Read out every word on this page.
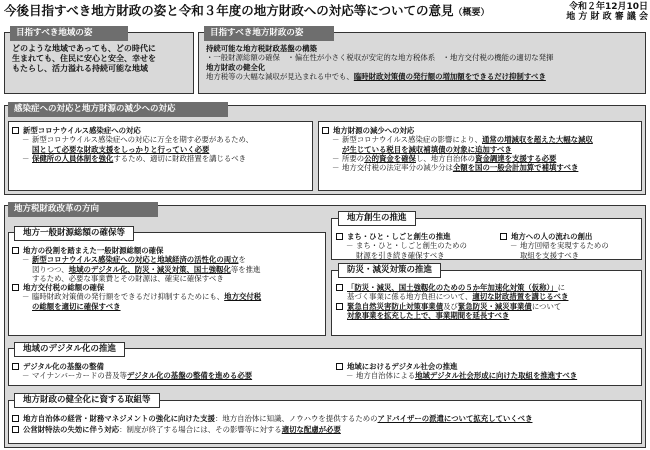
今後目指すべき地方財政の姿と令和３年度の地方財政への対応等についての意見（概要）
令和２年12月10日
地 方 財 政 審 議 会
目指すべき地域の姿
どのような地域であっても、どの時代に
生まれても、住民に安心と安全、幸せを
もたらし、活力溢れる持続可能な地域
目指すべき地方財政の姿
持続可能な地方税財政基盤の構築
・一般財源総額の確保　・偏在性が小さく税収が安定的な地方税体系　・地方交付税の機能の適切な発揮
地方財政の健全化
地方税等の大幅な減収が見込まれる中でも、臨時財政対策債の発行額の増加額をできるだけ抑制すべき
感染症への対応と地方財源の減少への対応
新型コロナウイルス感染症への対応
－ 新型コロナウイルス感染症への対応に万全を期す必要があるため、
国として必要な財政支援をしっかりと行っていく必要
－ 保健所の人員体制を強化するため、適切に財政措置を講じるべき
地方財源の減少への対応
－ 新型コロナウイルス感染症の影響により、通常の増減収を超えた大幅な減収
が生じている税目を減収補填債の対象に追加すべき
－ 所要の公的資金を確保し、地方自治体の資金調達を支援する必要
－ 地方交付税の法定率分の減少分は全額を国の一般会計加算で補填すべき
地方税財政改革の方向
地方一般財源総額の確保等
地方の役割を踏まえた一般財源総額の確保
－ 新型コロナウイルス感染症への対応と地域経済の活性化の両立を
図りつつ、地域のデジタル化、防災・減災対策、国土強靱化等を推進
するため、必要な事業費とその財源は、確実に確保すべき
地方交付税の総額の確保
－ 臨時財政対策債の発行額をできるだけ抑制するためにも、地方交付税
の総額を適切に確保すべき
地方創生の推進
まち・ひと・しごと創生の推進
－ まち・ひと・しごと創生のための
財源を引き続き確保すべき
地方への人の流れの創出
－ 地方回帰を実現するための
取組を支援すべき
防災・減災対策の推進
「防災・減災、国土強靱化のための５か年加速化対策（仮称）」に
基づく事業に係る地方負担について、適切な財政措置を講じるべき
緊急自然災害防止対策事業債及び緊急防災・減災事業債について
対象事業を拡充した上で、事業期間を延長すべき
地域のデジタル化の推進
デジタル化の基盤の整備
－ マイナンバーカードの普及等デジタル化の基盤の整備を進める必要
地域におけるデジタル社会の推進
－ 地方自治体による地域デジタル社会形成に向けた取組を推進すべき
地方財政の健全化に資する取組等
地方自治体の経営・財務マネジメントの強化に向けた支援：地方自治体に知識、ノウハウを提供するためのアドバイザーの派遣について拡充していくべき
公営財特法の失効に伴う対応：制度が終了する場合には、その影響等に対する適切な配慮が必要
